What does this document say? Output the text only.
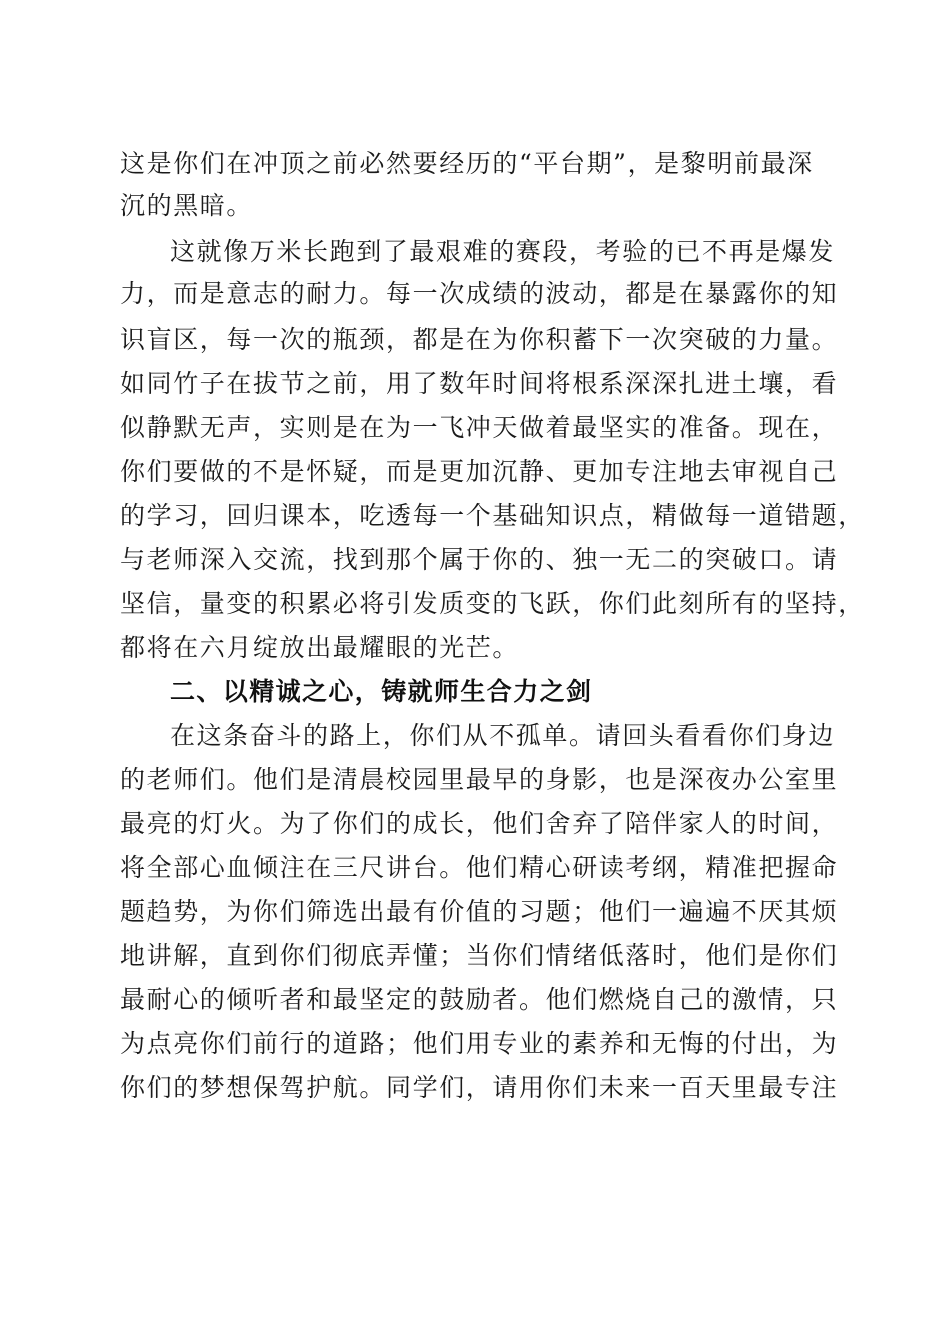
这是你们在冲顶之前必然要经历的“平台期”，是黎明前最深
沉的黑暗。
这就像万米长跑到了最艰难的赛段，考验的已不再是爆发
力，而是意志的耐力。每一次成绩的波动，都是在暴露你的知
识盲区，每一次的瓶颈，都是在为你积蓄下一次突破的力量。
如同竹子在拔节之前，用了数年时间将根系深深扎进土壤，看
似静默无声，实则是在为一飞冲天做着最坚实的准备。现在，
你们要做的不是怀疑，而是更加沉静、更加专注地去审视自己
的学习，回归课本，吃透每一个基础知识点，精做每一道错题，
与老师深入交流，找到那个属于你的、独一无二的突破口。请
坚信，量变的积累必将引发质变的飞跃，你们此刻所有的坚持，
都将在六月绽放出最耀眼的光芒。
二、以精诚之心，铸就师生合力之剑
在这条奋斗的路上，你们从不孤单。请回头看看你们身边
的老师们。他们是清晨校园里最早的身影，也是深夜办公室里
最亮的灯火。为了你们的成长，他们舍弃了陪伴家人的时间，
将全部心血倾注在三尺讲台。他们精心研读考纲，精准把握命
题趋势，为你们筛选出最有价值的习题；他们一遍遍不厌其烦
地讲解，直到你们彻底弄懂；当你们情绪低落时，他们是你们
最耐心的倾听者和最坚定的鼓励者。他们燃烧自己的激情，只
为点亮你们前行的道路；他们用专业的素养和无悔的付出，为
你们的梦想保驾护航。同学们，请用你们未来一百天里最专注
